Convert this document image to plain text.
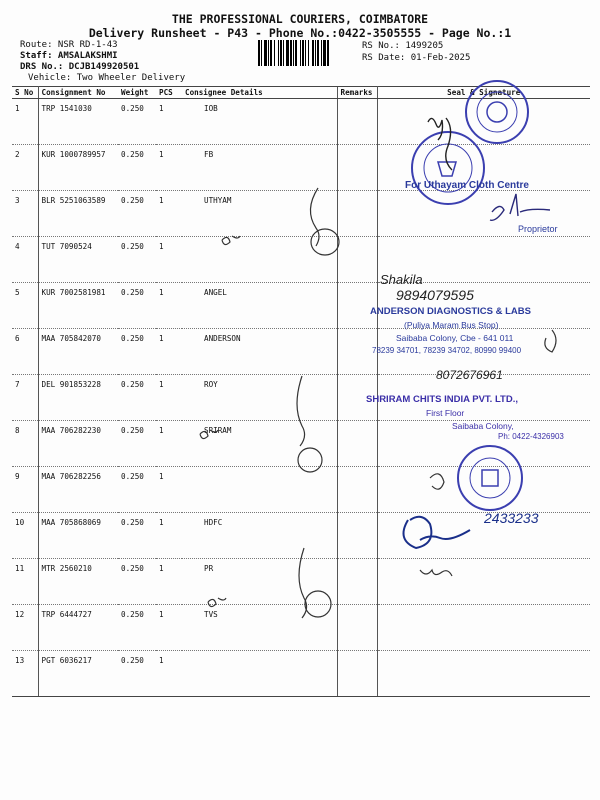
THE PROFESSIONAL COURIERS, COIMBATORE
Delivery Runsheet - P43 - Phone No.:0422-3505555 - Page No.:1
Route: NSR RD-1-43
Staff: AMSALAKSHMI
DRS No.: DCJB149920501
Vehicle: Two Wheeler Delivery
RS No.: 1499205
RS Date: 01-Feb-2025
S No	Consignment No	Weight	PCS	Consignee Details	Remarks	Seal & Signature
1	TRP 1541030	0.250	1	IOB		
2	KUR 1000789957	0.250	1	FB		
3	BLR 5251063589	0.250	1	UTHYAM		
4	TUT 7090524	0.250	1			
5	KUR 7002581981	0.250	1	ANGEL		
6	MAA 705842070	0.250	1	ANDERSON		
7	DEL 901853228	0.250	1	ROY		
8	MAA 706282230	0.250	1	SRIRAM		
9	MAA 706282256	0.250	1			
10	MAA 705868069	0.250	1	HDFC		
11	MTR 2560210	0.250	1	PR		
12	TRP 6444727	0.250	1	TVS		
13	PGT 6036217	0.250	1			
For Uthayam Cloth Centre
Proprietor
Shakila
9894079595
ANDERSON DIAGNOSTICS & LABS
(Puliya Maram Bus Stop)
Saibaba Colony, Cbe - 641 011
78239 34701, 78239 34702, 80990 99400
8072676961
SHRIRAM CHITS INDIA PVT. LTD.,
First Floor
Saibaba Colony,
Ph: 0422-4326903
2433233
